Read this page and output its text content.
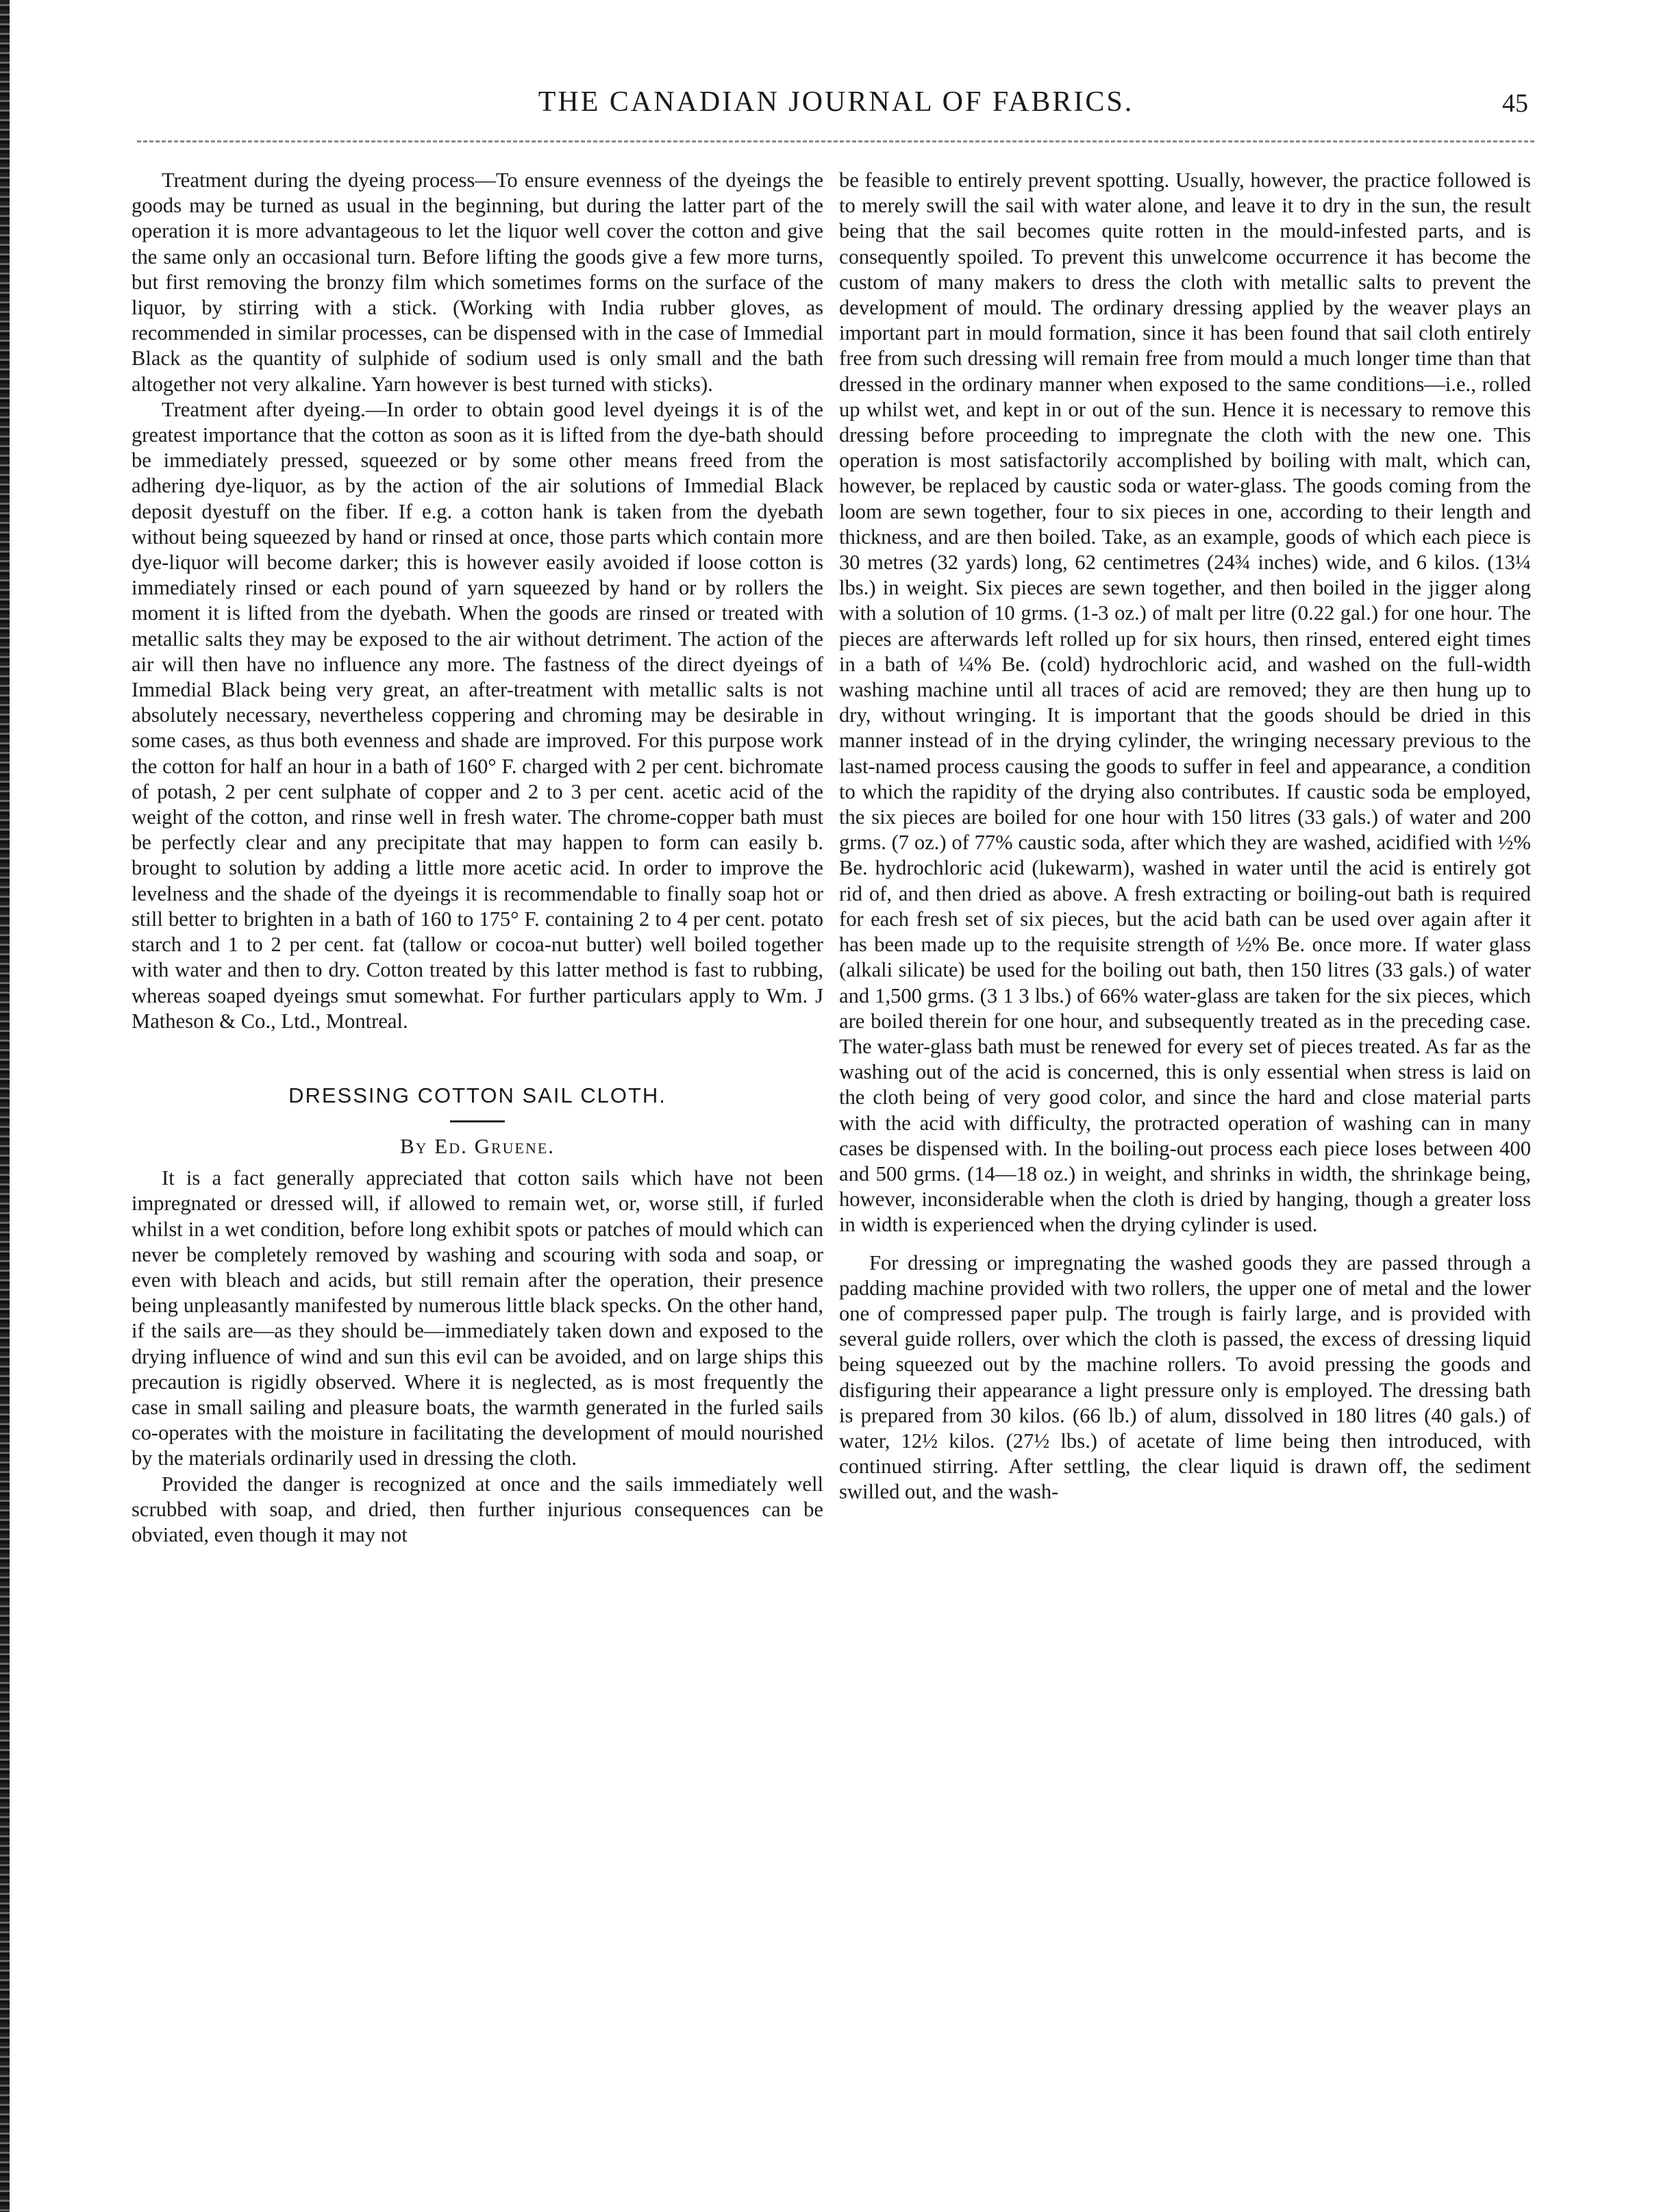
THE CANADIAN JOURNAL OF FABRICS.	45

Treatment during the dyeing process—To ensure evenness of the dyeings the goods may be turned as usual in the beginning, but during the latter part of the operation it is more advantageous to let the liquor well cover the cotton and give the same only an occasional turn. Before lifting the goods give a few more turns, but first removing the bronzy film which sometimes forms on the surface of the liquor, by stirring with a stick. (Working with India rubber gloves, as recommended in similar processes, can be dispensed with in the case of Immedial Black as the quantity of sulphide of sodium used is only small and the bath altogether not very alkaline. Yarn however is best turned with sticks).

Treatment after dyeing.—In order to obtain good level dyeings it is of the greatest importance that the cotton as soon as it is lifted from the dye-bath should be immediately pressed, squeezed or by some other means freed from the adhering dye-liquor, as by the action of the air solutions of Immedial Black deposit dyestuff on the fiber. If e.g. a cotton hank is taken from the dyebath without being squeezed by hand or rinsed at once, those parts which contain more dye-liquor will become darker; this is however easily avoided if loose cotton is immediately rinsed or each pound of yarn squeezed by hand or by rollers the moment it is lifted from the dyebath. When the goods are rinsed or treated with metallic salts they may be exposed to the air without detriment. The action of the air will then have no influence any more. The fastness of the direct dyeings of Immedial Black being very great, an after-treatment with metallic salts is not absolutely necessary, nevertheless coppering and chroming may be desirable in some cases, as thus both evenness and shade are improved. For this purpose work the cotton for half an hour in a bath of 160° F. charged with 2 per cent. bichromate of potash, 2 per cent sulphate of copper and 2 to 3 per cent. acetic acid of the weight of the cotton, and rinse well in fresh water. The chrome-copper bath must be perfectly clear and any precipitate that may happen to form can easily b. brought to solution by adding a little more acetic acid. In order to improve the levelness and the shade of the dyeings it is recommendable to finally soap hot or still better to brighten in a bath of 160 to 175° F. containing 2 to 4 per cent. potato starch and 1 to 2 per cent. fat (tallow or cocoa-nut butter) well boiled together with water and then to dry. Cotton treated by this latter method is fast to rubbing, whereas soaped dyeings smut somewhat. For further particulars apply to Wm. J Matheson & Co., Ltd., Montreal.

DRESSING COTTON SAIL CLOTH.
By Ed. Gruene.

It is a fact generally appreciated that cotton sails which have not been impregnated or dressed will, if allowed to remain wet, or, worse still, if furled whilst in a wet condition, before long exhibit spots or patches of mould which can never be completely removed by washing and scouring with soda and soap, or even with bleach and acids, but still remain after the operation, their presence being unpleasantly manifested by numerous little black specks. On the other hand, if the sails are—as they should be—immediately taken down and exposed to the drying influence of wind and sun this evil can be avoided, and on large ships this precaution is rigidly observed. Where it is neglected, as is most frequently the case in small sailing and pleasure boats, the warmth generated in the furled sails co-operates with the moisture in facilitating the development of mould nourished by the materials ordinarily used in dressing the cloth.

Provided the danger is recognized at once and the sails immediately well scrubbed with soap, and dried, then further injurious consequences can be obviated, even though it may not

be feasible to entirely prevent spotting. Usually, however, the practice followed is to merely swill the sail with water alone, and leave it to dry in the sun, the result being that the sail becomes quite rotten in the mould-infested parts, and is consequently spoiled. To prevent this unwelcome occurrence it has become the custom of many makers to dress the cloth with metallic salts to prevent the development of mould. The ordinary dressing applied by the weaver plays an important part in mould formation, since it has been found that sail cloth entirely free from such dressing will remain free from mould a much longer time than that dressed in the ordinary manner when exposed to the same conditions—i.e., rolled up whilst wet, and kept in or out of the sun. Hence it is necessary to remove this dressing before proceeding to impregnate the cloth with the new one. This operation is most satisfactorily accomplished by boiling with malt, which can, however, be replaced by caustic soda or water-glass. The goods coming from the loom are sewn together, four to six pieces in one, according to their length and thickness, and are then boiled. Take, as an example, goods of which each piece is 30 metres (32 yards) long, 62 centimetres (24¾ inches) wide, and 6 kilos. (13¼ lbs.) in weight. Six pieces are sewn together, and then boiled in the jigger along with a solution of 10 grms. (1-3 oz.) of malt per litre (0.22 gal.) for one hour. The pieces are afterwards left rolled up for six hours, then rinsed, entered eight times in a bath of ¼% Be. (cold) hydrochloric acid, and washed on the full-width washing machine until all traces of acid are removed; they are then hung up to dry, without wringing. It is important that the goods should be dried in this manner instead of in the drying cylinder, the wringing necessary previous to the last-named process causing the goods to suffer in feel and appearance, a condition to which the rapidity of the drying also contributes. If caustic soda be employed, the six pieces are boiled for one hour with 150 litres (33 gals.) of water and 200 grms. (7 oz.) of 77% caustic soda, after which they are washed, acidified with ½% Be. hydrochloric acid (lukewarm), washed in water until the acid is entirely got rid of, and then dried as above. A fresh extracting or boiling-out bath is required for each fresh set of six pieces, but the acid bath can be used over again after it has been made up to the requisite strength of ½% Be. once more. If water glass (alkali silicate) be used for the boiling out bath, then 150 litres (33 gals.) of water and 1,500 grms. (3 1 3 lbs.) of 66% water-glass are taken for the six pieces, which are boiled therein for one hour, and subsequently treated as in the preceding case. The water-glass bath must be renewed for every set of pieces treated. As far as the washing out of the acid is concerned, this is only essential when stress is laid on the cloth being of very good color, and since the hard and close material parts with the acid with difficulty, the protracted operation of washing can in many cases be dispensed with. In the boiling-out process each piece loses between 400 and 500 grms. (14—18 oz.) in weight, and shrinks in width, the shrinkage being, however, inconsiderable when the cloth is dried by hanging, though a greater loss in width is experienced when the drying cylinder is used.

For dressing or impregnating the washed goods they are passed through a padding machine provided with two rollers, the upper one of metal and the lower one of compressed paper pulp. The trough is fairly large, and is provided with several guide rollers, over which the cloth is passed, the excess of dressing liquid being squeezed out by the machine rollers. To avoid pressing the goods and disfiguring their appearance a light pressure only is employed. The dressing bath is prepared from 30 kilos. (66 lb.) of alum, dissolved in 180 litres (40 gals.) of water, 12½ kilos. (27½ lbs.) of acetate of lime being then introduced, with continued stirring. After settling, the clear liquid is drawn off, the sediment swilled out, and the wash-
